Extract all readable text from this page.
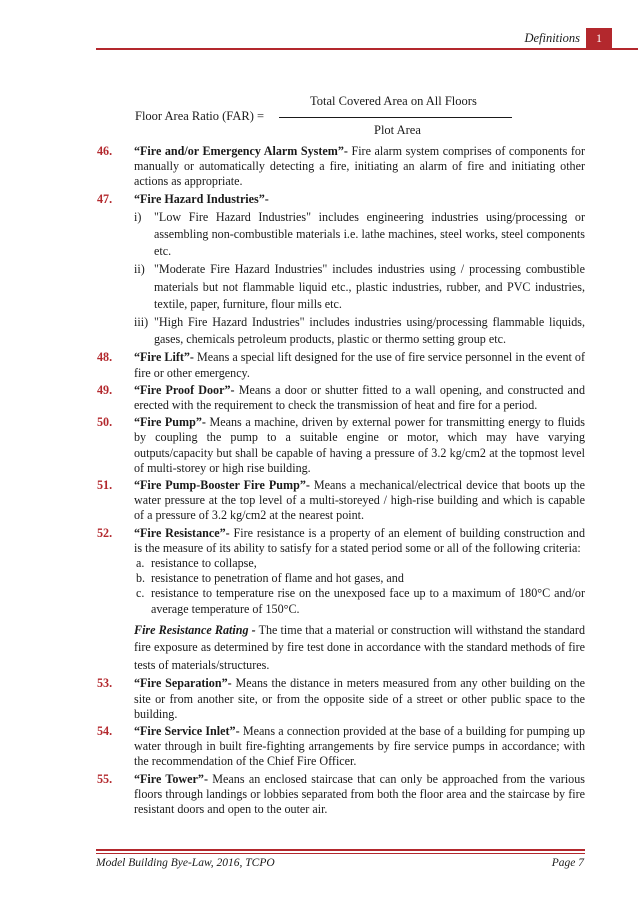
Definitions	1
Total Covered Area on All Floors
Floor Area Ratio (FAR) =
Plot Area
46. “Fire and/or Emergency Alarm System”- Fire alarm system comprises of components for manually or automatically detecting a fire, initiating an alarm of fire and initiating other actions as appropriate.
47. “Fire Hazard Industries”-
i) "Low Fire Hazard Industries" includes engineering industries using/processing or assembling non-combustible materials i.e. lathe machines, steel works, steel components etc.
ii) "Moderate Fire Hazard Industries" includes industries using / processing combustible materials but not flammable liquid etc., plastic industries, rubber, and PVC industries, textile, paper, furniture, flour mills etc.
iii) "High Fire Hazard Industries" includes industries using/processing flammable liquids, gases, chemicals petroleum products, plastic or thermo setting group etc.
48. “Fire Lift”- Means a special lift designed for the use of fire service personnel in the event of fire or other emergency.
49. “Fire Proof Door”- Means a door or shutter fitted to a wall opening, and constructed and erected with the requirement to check the transmission of heat and fire for a period.
50. “Fire Pump”- Means a machine, driven by external power for transmitting energy to fluids by coupling the pump to a suitable engine or motor, which may have varying outputs/capacity but shall be capable of having a pressure of 3.2 kg/cm2 at the topmost level of multi-storey or high rise building.
51. “Fire Pump-Booster Fire Pump”- Means a mechanical/electrical device that boots up the water pressure at the top level of a multi-storeyed / high-rise building and which is capable of a pressure of 3.2 kg/cm2 at the nearest point.
52. “Fire Resistance”- Fire resistance is a property of an element of building construction and is the measure of its ability to satisfy for a stated period some or all of the following criteria:
a. resistance to collapse,
b. resistance to penetration of flame and hot gases, and
c. resistance to temperature rise on the unexposed face up to a maximum of 180°C and/or average temperature of 150°C.
Fire Resistance Rating - The time that a material or construction will withstand the standard fire exposure as determined by fire test done in accordance with the standard methods of fire tests of materials/structures.
53. “Fire Separation”- Means the distance in meters measured from any other building on the site or from another site, or from the opposite side of a street or other public space to the building.
54. “Fire Service Inlet”- Means a connection provided at the base of a building for pumping up water through in built fire-fighting arrangements by fire service pumps in accordance; with the recommendation of the Chief Fire Officer.
55. “Fire Tower”- Means an enclosed staircase that can only be approached from the various floors through landings or lobbies separated from both the floor area and the staircase by fire resistant doors and open to the outer air.
Model Building Bye-Law, 2016, TCPO	Page 7
